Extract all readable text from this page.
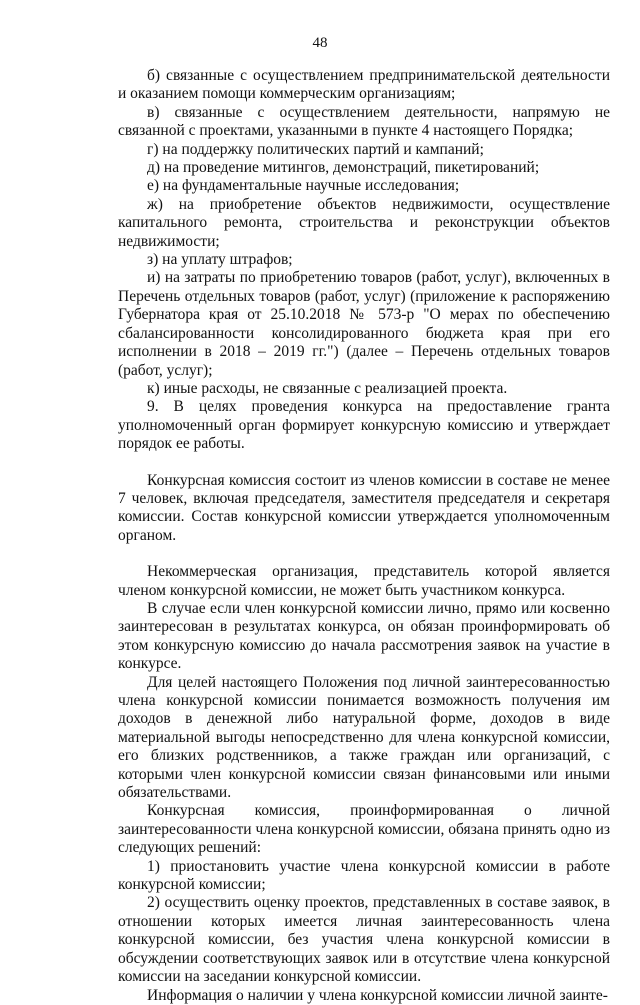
48

б) связанные с осуществлением предпринимательской деятельности и оказанием помощи коммерческим организациям;

в) связанные с осуществлением деятельности, напрямую не связанной с проектами, указанными в пункте 4 настоящего Порядка;

г) на поддержку политических партий и кампаний;

д) на проведение митингов, демонстраций, пикетирований;

е) на фундаментальные научные исследования;

ж) на приобретение объектов недвижимости, осуществление капитального ремонта, строительства и реконструкции объектов недвижимости;

з) на уплату штрафов;

и) на затраты по приобретению товаров (работ, услуг), включенных в Перечень отдельных товаров (работ, услуг) (приложение к распоряжению Губернатора края от 25.10.2018 № 573-р "О мерах по обеспечению сбалансированности консолидированного бюджета края при его исполнении в 2018 – 2019 гг.") (далее – Перечень отдельных товаров (работ, услуг);

к) иные расходы, не связанные с реализацией проекта.

9. В целях проведения конкурса на предоставление гранта уполномоченный орган формирует конкурсную комиссию и утверждает порядок ее работы.

Конкурсная комиссия состоит из членов комиссии в составе не менее 7 человек, включая председателя, заместителя председателя и секретаря комиссии. Состав конкурсной комиссии утверждается уполномоченным органом.

Некоммерческая организация, представитель которой является членом конкурсной комиссии, не может быть участником конкурса.

В случае если член конкурсной комиссии лично, прямо или косвенно заинтересован в результатах конкурса, он обязан проинформировать об этом конкурсную комиссию до начала рассмотрения заявок на участие в конкурсе.

Для целей настоящего Положения под личной заинтересованностью члена конкурсной комиссии понимается возможность получения им доходов в денежной либо натуральной форме, доходов в виде материальной выгоды непосредственно для члена конкурсной комиссии, его близких родственников, а также граждан или организаций, с которыми член конкурсной комиссии связан финансовыми или иными обязательствами.

Конкурсная комиссия, проинформированная о личной заинтересованности члена конкурсной комиссии, обязана принять одно из следующих решений:

1) приостановить участие члена конкурсной комиссии в работе конкурсной комиссии;

2) осуществить оценку проектов, представленных в составе заявок, в отношении которых имеется личная заинтересованность члена конкурсной комиссии, без участия члена конкурсной комиссии в обсуждении соответствующих заявок или в отсутствие члена конкурсной комиссии на заседании конкурсной комиссии.

Информация о наличии у члена конкурсной комиссии личной заинте-
